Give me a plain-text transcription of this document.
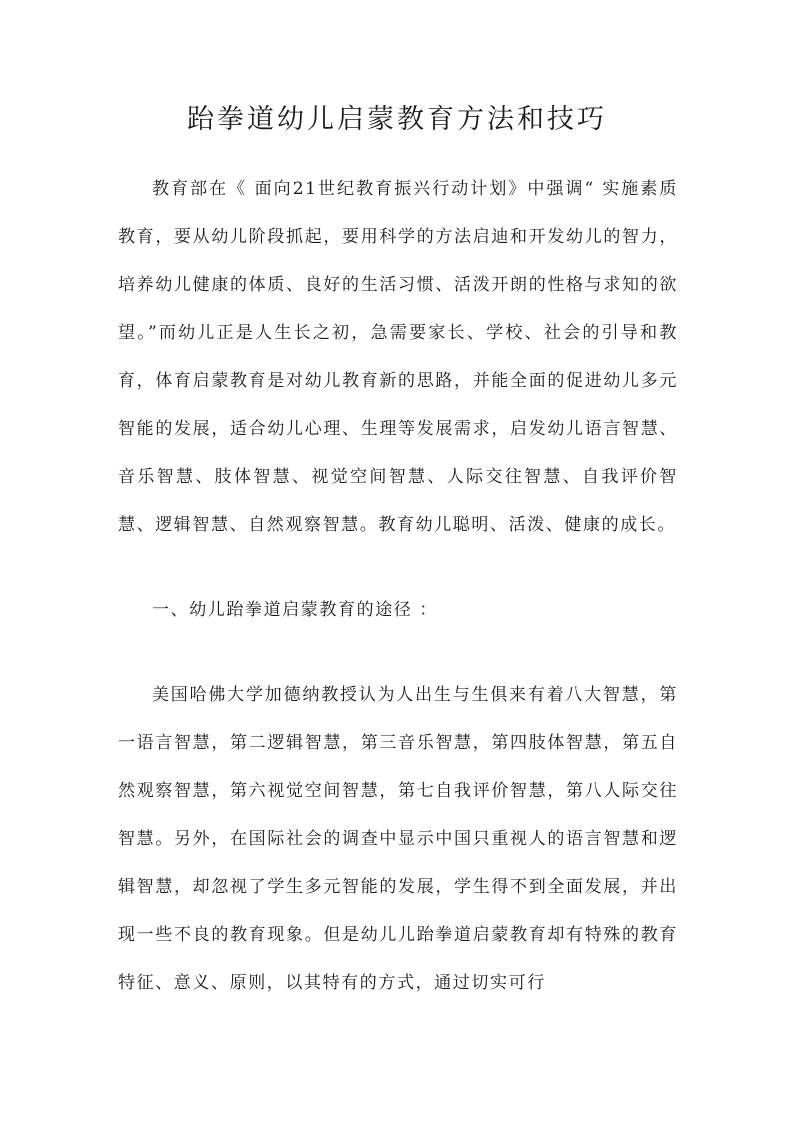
跆拳道幼儿启蒙教育方法和技巧

教育部在《 面向21世纪教育振兴行动计划》中强调“ 实施素质教育，要从幼儿阶段抓起，要用科学的方法启迪和开发幼儿的智力，培养幼儿健康的体质、良好的生活习惯、活泼开朗的性格与求知的欲望。”而幼儿正是人生长之初，急需要家长、学校、社会的引导和教育，体育启蒙教育是对幼儿教育新的思路，并能全面的促进幼儿多元智能的发展，适合幼儿心理、生理等发展需求，启发幼儿语言智慧、音乐智慧、肢体智慧、视觉空间智慧、人际交往智慧、自我评价智慧、逻辑智慧、自然观察智慧。教育幼儿聪明、活泼、健康的成长。

一、幼儿跆拳道启蒙教育的途径 ：

美国哈佛大学加德纳教授认为人出生与生俱来有着八大智慧，第一语言智慧，第二逻辑智慧，第三音乐智慧，第四肢体智慧，第五自然观察智慧，第六视觉空间智慧，第七自我评价智慧，第八人际交往智慧。另外，在国际社会的调查中显示中国只重视人的语言智慧和逻辑智慧，却忽视了学生多元智能的发展，学生得不到全面发展，并出现一些不良的教育现象。但是幼儿儿跆拳道启蒙教育却有特殊的教育特征、意义、原则，以其特有的方式，通过切实可行
